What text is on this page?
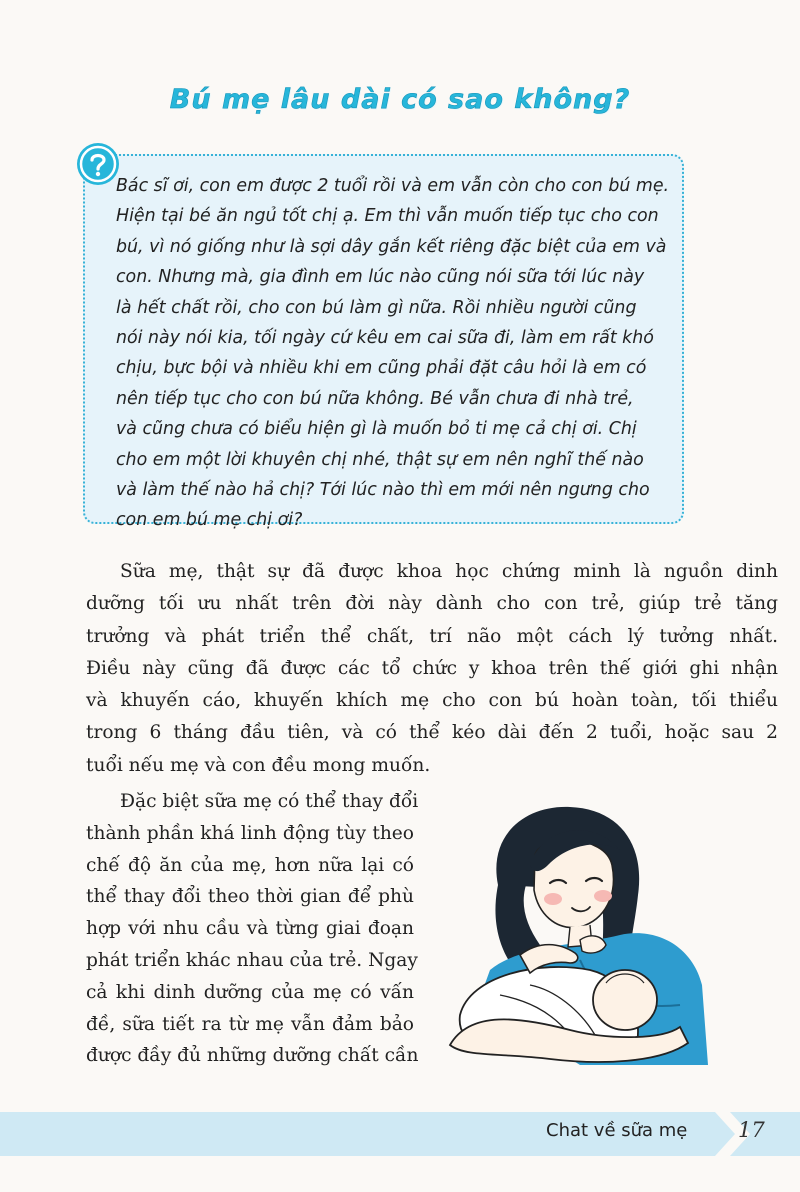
Bú mẹ lâu dài có sao không?
Bác sĩ ơi, con em được 2 tuổi rồi và em vẫn còn cho con bú mẹ.
Hiện tại bé ăn ngủ tốt chị ạ. Em thì vẫn muốn tiếp tục cho con
bú, vì nó giống như là sợi dây gắn kết riêng đặc biệt của em và
con. Nhưng mà, gia đình em lúc nào cũng nói sữa tới lúc này
là hết chất rồi, cho con bú làm gì nữa. Rồi nhiều người cũng
nói này nói kia, tối ngày cứ kêu em cai sữa đi, làm em rất khó
chịu, bực bội và nhiều khi em cũng phải đặt câu hỏi là em có
nên tiếp tục cho con bú nữa không. Bé vẫn chưa đi nhà trẻ,
và cũng chưa có biểu hiện gì là muốn bỏ ti mẹ cả chị ơi. Chị
cho em một lời khuyên chị nhé, thật sự em nên nghĩ thế nào
và làm thế nào hả chị? Tới lúc nào thì em mới nên ngưng cho
con em bú mẹ chị ơi?
Sữa mẹ, thật sự đã được khoa học chứng minh là nguồn dinh
dưỡng tối ưu nhất trên đời này dành cho con trẻ, giúp trẻ tăng
trưởng và phát triển thể chất, trí não một cách lý tưởng nhất.
Điều này cũng đã được các tổ chức y khoa trên thế giới ghi nhận
và khuyến cáo, khuyến khích mẹ cho con bú hoàn toàn, tối thiểu
trong 6 tháng đầu tiên, và có thể kéo dài đến 2 tuổi, hoặc sau 2
tuổi nếu mẹ và con đều mong muốn.
Đặc biệt sữa mẹ có thể thay đổi
thành phần khá linh động tùy theo
chế độ ăn của mẹ, hơn nữa lại có
thể thay đổi theo thời gian để phù
hợp với nhu cầu và từng giai đoạn
phát triển khác nhau của trẻ. Ngay
cả khi dinh dưỡng của mẹ có vấn
đề, sữa tiết ra từ mẹ vẫn đảm bảo
được đầy đủ những dưỡng chất cần
Chat về sữa mẹ 17
